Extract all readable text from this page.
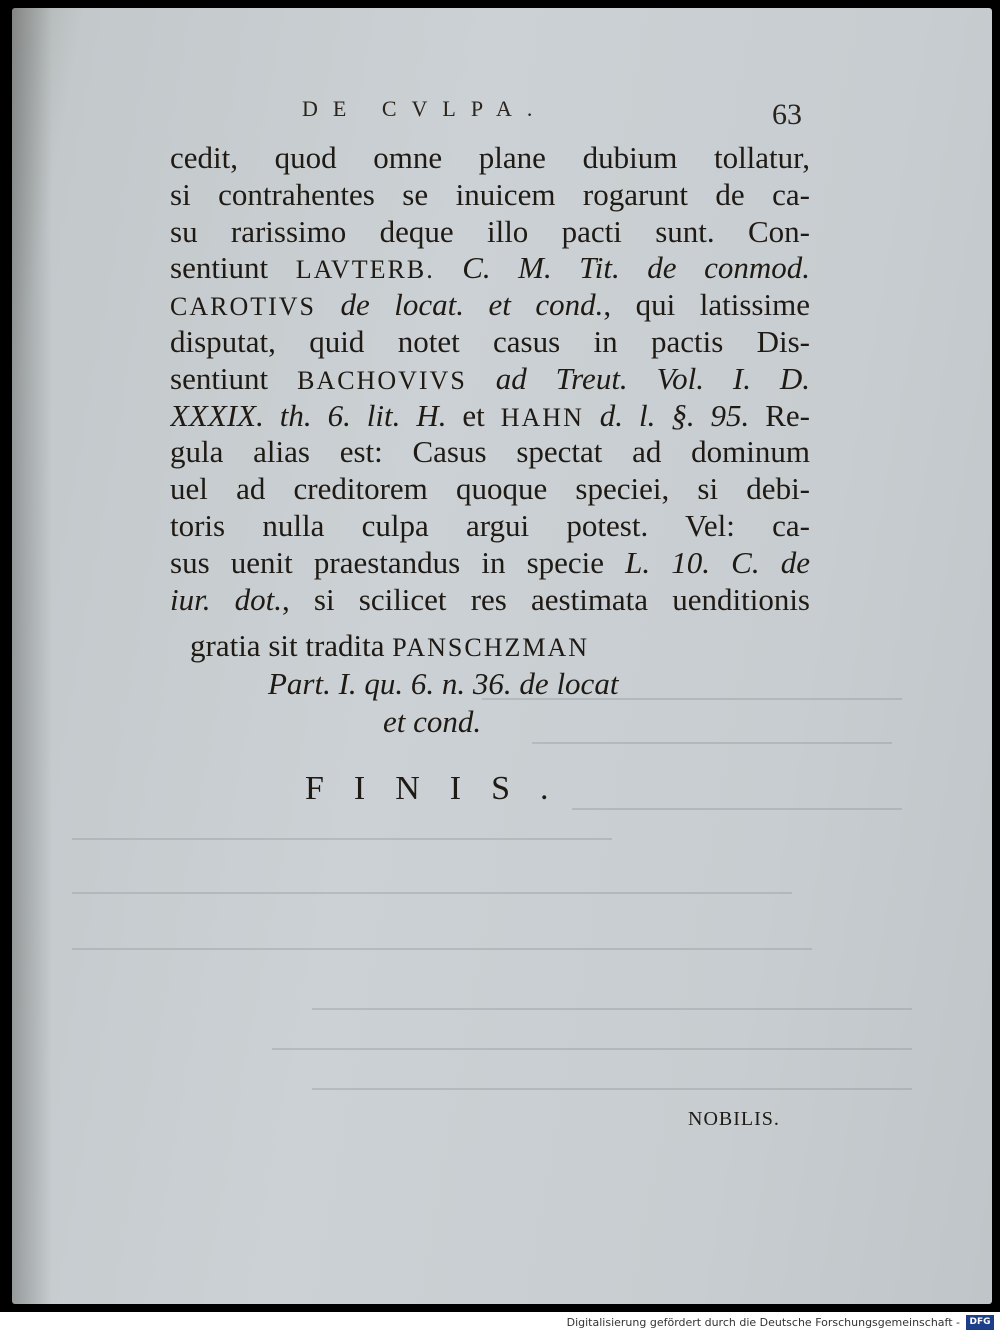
DE CVLPA.	63
cedit, quod omne plane dubium tollatur,
si contrahentes se inuicem rogarunt de ca-
su rarissimo deque illo pacti sunt. Con-
sentiunt LAVTERB. C. M. Tit. de conmod.
CAROTIVS de locat. et cond., qui latissime
disputat, quid notet casus in pactis Dis-
sentiunt BACHOVIVS ad Treut. Vol. I. D.
XXXIX. th. 6. lit. H. et HAHN d. l. §. 95. Re-
gula alias est: Casus spectat ad dominum
uel ad creditorem quoque speciei, si debi-
toris nulla culpa argui potest. Vel: ca-
sus uenit praestandus in specie L. 10. C. de
iur. dot., si scilicet res aestimata uenditionis
gratia sit tradita PANSCHZMAN
Part. I. qu. 6. n. 36. de locat
et cond.
FINIS.
NOBILIS.
Digitalisierung gefördert durch die Deutsche Forschungsgemeinschaft -	DFG
